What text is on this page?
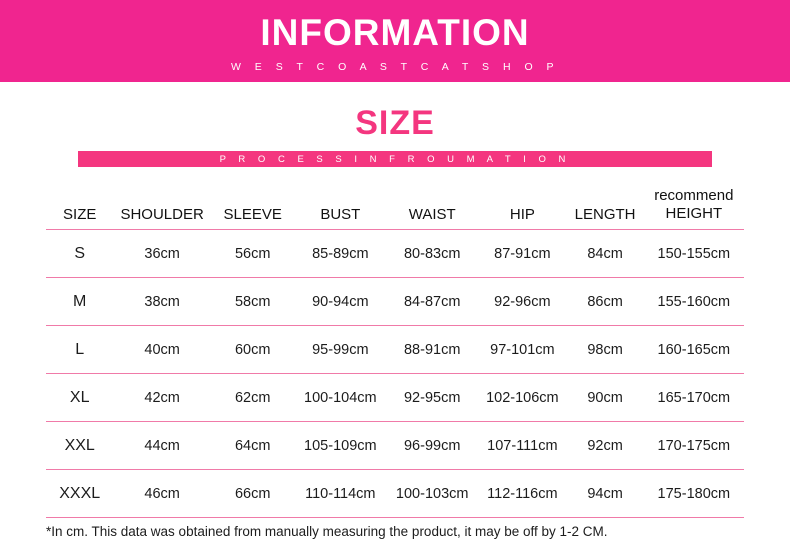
INFORMATION
W E S T C O A S T C A T S H O P
SIZE
P R O C E S S I N F R O U M A T I O N
SIZE	SHOULDER	SLEEVE	BUST	WAIST	HIP	LENGTH	recommend
HEIGHT
S	36cm	56cm	85-89cm	80-83cm	87-91cm	84cm	150-155cm
M	38cm	58cm	90-94cm	84-87cm	92-96cm	86cm	155-160cm
L	40cm	60cm	95-99cm	88-91cm	97-101cm	98cm	160-165cm
XL	42cm	62cm	100-104cm	92-95cm	102-106cm	90cm	165-170cm
XXL	44cm	64cm	105-109cm	96-99cm	107-111cm	92cm	170-175cm
XXXL	46cm	66cm	110-114cm	100-103cm	112-116cm	94cm	175-180cm
*In cm. This data was obtained from manually measuring the product, it may be off by 1-2 CM.
